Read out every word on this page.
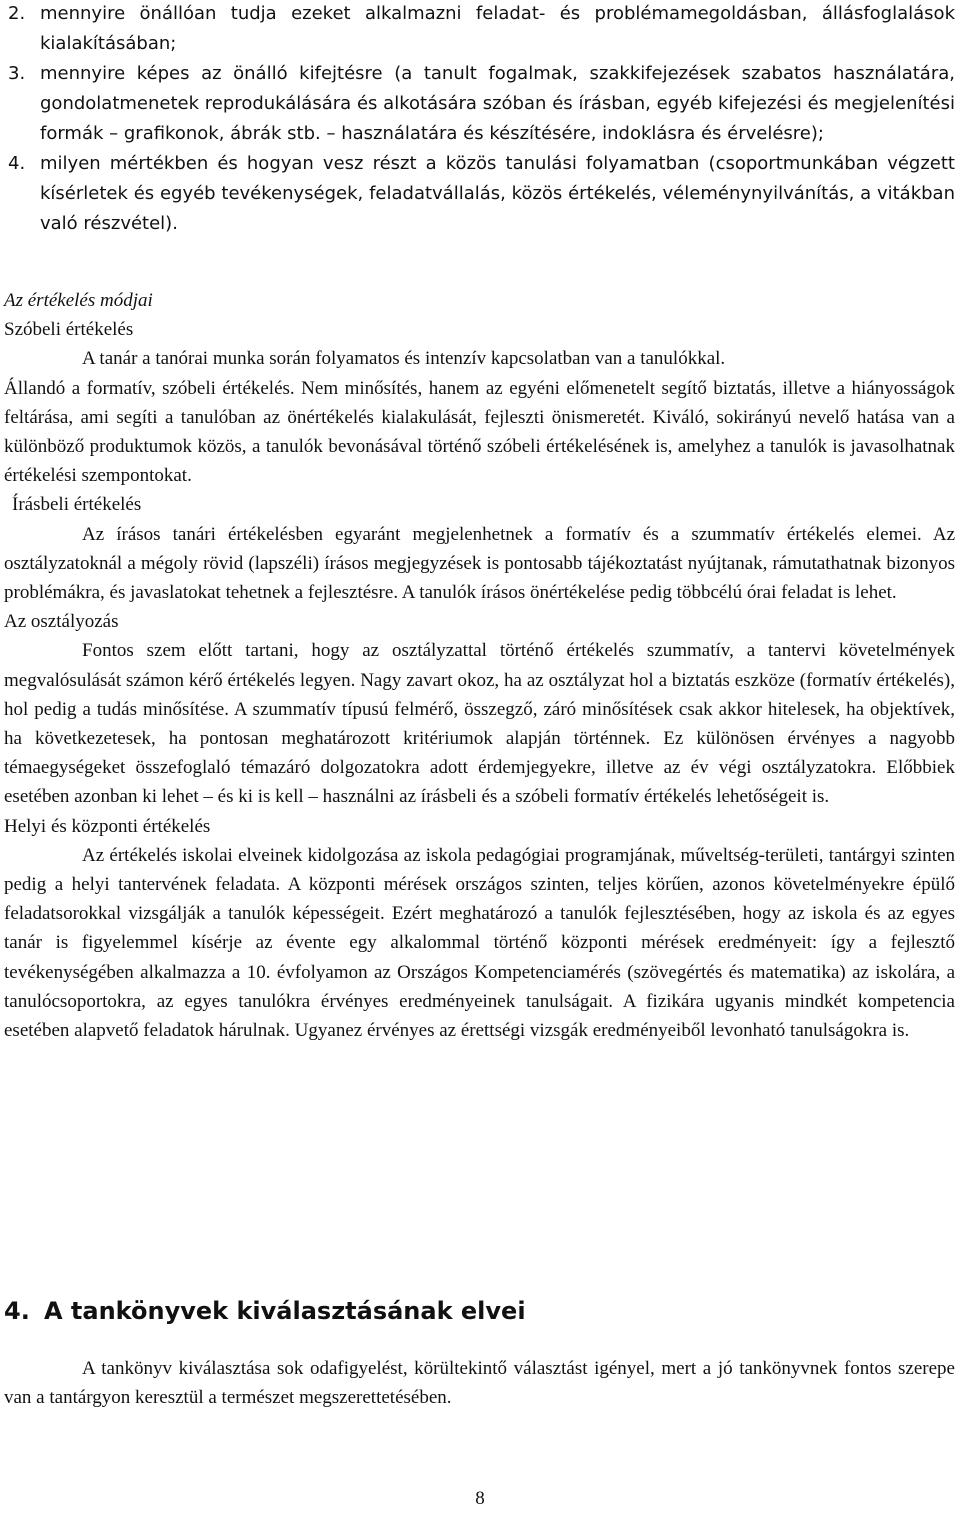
2. mennyire önállóan tudja ezeket alkalmazni feladat- és problémamegoldásban, állásfoglalások kialakításában;
3. mennyire képes az önálló kifejtésre (a tanult fogalmak, szakkifejezések szabatos használatára, gondolatmenetek reprodukálására és alkotására szóban és írásban, egyéb kifejezési és megjelenítési formák – grafikonok, ábrák stb. – használatára és készítésére, indoklásra és érvelésre);
4. milyen mértékben és hogyan vesz részt a közös tanulási folyamatban (csoportmunkában végzett kísérletek és egyéb tevékenységek, feladatvállalás, közös értékelés, véleménynyilvánítás, a vitákban való részvétel).
Az értékelés módjai
Szóbeli értékelés
A tanár a tanórai munka során folyamatos és intenzív kapcsolatban van a tanulókkal.
Állandó a formatív, szóbeli értékelés. Nem minősítés, hanem az egyéni előmenetelt segítő biztatás, illetve a hiányosságok feltárása, ami segíti a tanulóban az önértékelés kialakulását, fejleszti önismeretét. Kiváló, sokirányú nevelő hatása van a különböző produktumok közös, a tanulók bevonásával történő szóbeli értékelésének is, amelyhez a tanulók is javasolhatnak értékelési szempontokat.
Írásbeli értékelés
Az írásos tanári értékelésben egyaránt megjelenhetnek a formatív és a szummatív értékelés elemei. Az osztályzatoknál a mégoly rövid (lapszéli) írásos megjegyzések is pontosabb tájékoztatást nyújtanak, rámutathatnak bizonyos problémákra, és javaslatokat tehetnek a fejlesztésre. A tanulók írásos önértékelése pedig többcélú órai feladat is lehet.
Az osztályozás
Fontos szem előtt tartani, hogy az osztályzattal történő értékelés szummatív, a tantervi követelmények megvalósulását számon kérő értékelés legyen. Nagy zavart okoz, ha az osztályzat hol a biztatás eszköze (formatív értékelés), hol pedig a tudás minősítése. A szummatív típusú felmérő, összegző, záró minősítések csak akkor hitelesek, ha objektívek, ha következetesek, ha pontosan meghatározott kritériumok alapján történnek. Ez különösen érvényes a nagyobb témaegységeket összefoglaló témazáró dolgozatokra adott érdemjegyekre, illetve az év végi osztályzatokra. Előbbiek esetében azonban ki lehet – és ki is kell – használni az írásbeli és a szóbeli formatív értékelés lehetőségeit is.
Helyi és központi értékelés
Az értékelés iskolai elveinek kidolgozása az iskola pedagógiai programjának, műveltség-területi, tantárgyi szinten pedig a helyi tantervének feladata. A központi mérések országos szinten, teljes körűen, azonos követelményekre épülő feladatsorokkal vizsgálják a tanulók képességeit. Ezért meghatározó a tanulók fejlesztésében, hogy az iskola és az egyes tanár is figyelemmel kísérje az évente egy alkalommal történő központi mérések eredményeit: így a fejlesztő tevékenységében alkalmazza a 10. évfolyamon az Országos Kompetenciamérés (szövegértés és matematika) az iskolára, a tanulócsoportokra, az egyes tanulókra érvényes eredményeinek tanulságait. A fizikára ugyanis mindkét kompetencia esetében alapvető feladatok hárulnak. Ugyanez érvényes az érettségi vizsgák eredményeiből levonható tanulságokra is.
4. A tankönyvek kiválasztásának elvei
A tankönyv kiválasztása sok odafigyelést, körültekintő választást igényel, mert a jó tankönyvnek fontos szerepe van a tantárgyon keresztül a természet megszerettetésében.
8
